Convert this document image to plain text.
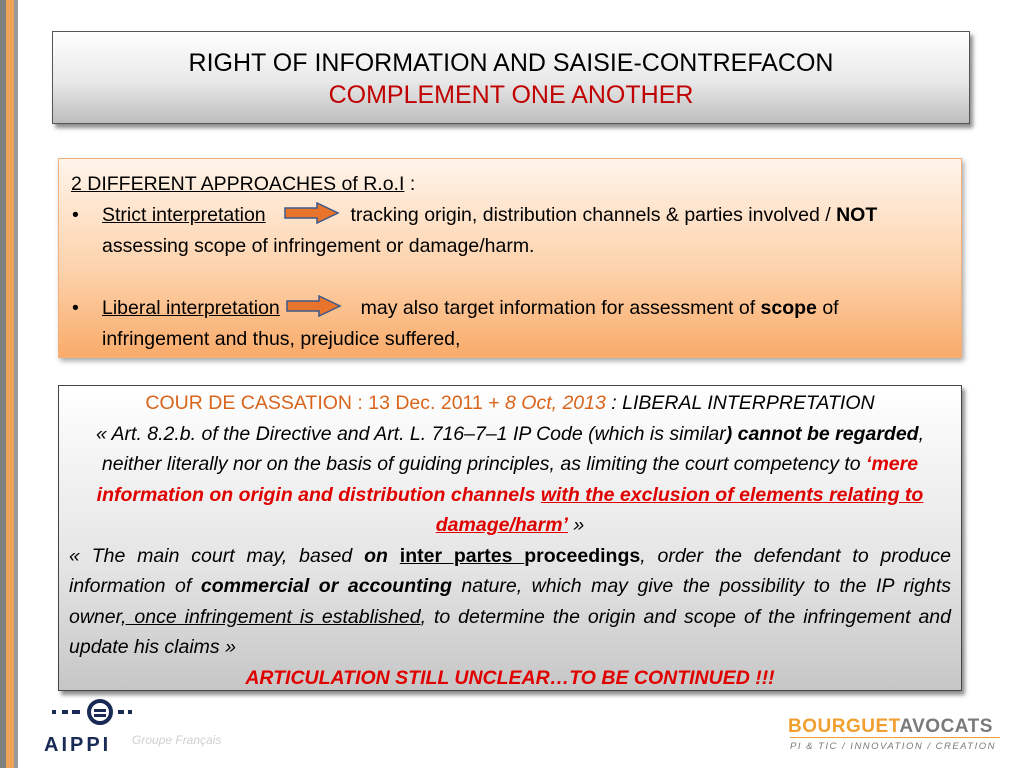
RIGHT OF INFORMATION AND SAISIE-CONTREFACON
COMPLEMENT ONE ANOTHER
2 DIFFERENT APPROACHES of R.o.I :
• Strict interpretation	tracking origin, distribution channels & parties involved / NOT assessing scope of infringement or damage/harm.
• Liberal interpretation	may also target information for assessment of scope of infringement and thus, prejudice suffered,
COUR DE CASSATION : 13 Dec. 2011 + 8 Oct, 2013 : LIBERAL INTERPRETATION
« Art. 8.2.b. of the Directive and Art. L. 716–7–1 IP Code (which is similar) cannot be regarded, neither literally nor on the basis of guiding principles, as limiting the court competency to ‘mere information on origin and distribution channels with the exclusion of elements relating to damage/harm’ »
« The main court may, based on inter partes proceedings, order the defendant to produce information of commercial or accounting nature, which may give the possibility to the IP rights owner, once infringement is established, to determine the origin and scope of the infringement and update his claims »
ARTICULATION STILL UNCLEAR…TO BE CONTINUED !!!
AIPPI Groupe Français
BOURGUETAVOCATS
PI & TIC / INNOVATION / CREATION
